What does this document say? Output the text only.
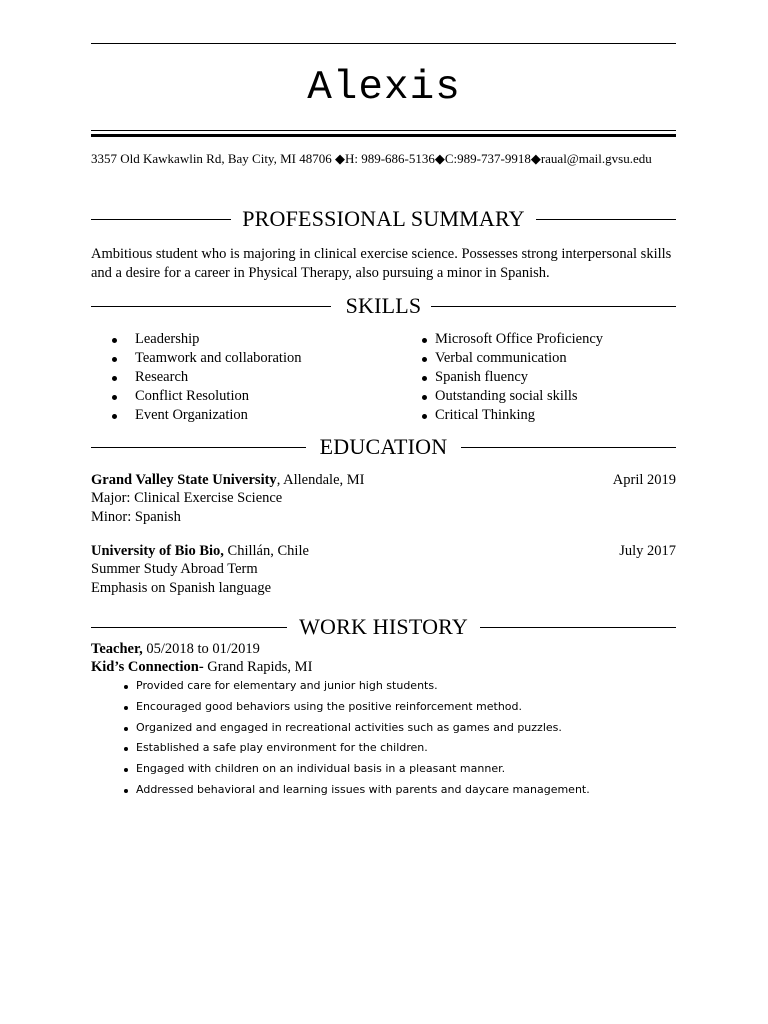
Alexis
3357 Old Kawkawlin Rd, Bay City, MI 48706 ◆H: 989-686-5136◆C:989-737-9918◆raual@mail.gvsu.edu
PROFESSIONAL SUMMARY
Ambitious student who is majoring in clinical exercise science. Possesses strong interpersonal skills and a desire for a career in Physical Therapy, also pursuing a minor in Spanish.
SKILLS
Leadership
Teamwork and collaboration
Research
Conflict Resolution
Event Organization
Microsoft Office Proficiency
Verbal communication
Spanish fluency
Outstanding social skills
Critical Thinking
EDUCATION
Grand Valley State University, Allendale, MI	April 2019
Major: Clinical Exercise Science
Minor: Spanish
University of Bio Bio, Chillán, Chile	July 2017
Summer Study Abroad Term
Emphasis on Spanish language
WORK HISTORY
Teacher, 05/2018 to 01/2019
Kid’s Connection- Grand Rapids, MI
Provided care for elementary and junior high students.
Encouraged good behaviors using the positive reinforcement method.
Organized and engaged in recreational activities such as games and puzzles.
Established a safe play environment for the children.
Engaged with children on an individual basis in a pleasant manner.
Addressed behavioral and learning issues with parents and daycare management.
